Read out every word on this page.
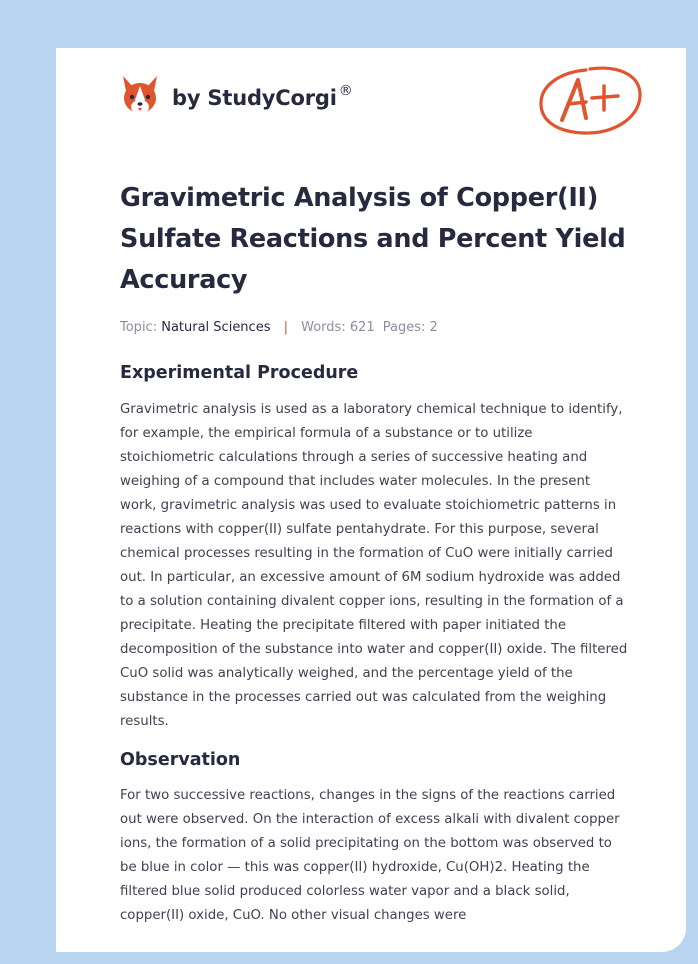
by StudyCorgi ®
Gravimetric Analysis of Copper(II) Sulfate Reactions and Percent Yield Accuracy
Topic: Natural Sciences | Words: 621 Pages: 2
Experimental Procedure

Gravimetric analysis is used as a laboratory chemical technique to identify, for example, the empirical formula of a substance or to utilize stoichiometric calculations through a series of successive heating and weighing of a compound that includes water molecules. In the present work, gravimetric analysis was used to evaluate stoichiometric patterns in reactions with copper(II) sulfate pentahydrate. For this purpose, several chemical processes resulting in the formation of CuO were initially carried out. In particular, an excessive amount of 6M sodium hydroxide was added to a solution containing divalent copper ions, resulting in the formation of a precipitate. Heating the precipitate filtered with paper initiated the decomposition of the substance into water and copper(II) oxide. The filtered CuO solid was analytically weighed, and the percentage yield of the substance in the processes carried out was calculated from the weighing results.

Observation

For two successive reactions, changes in the signs of the reactions carried out were observed. On the interaction of excess alkali with divalent copper ions, the formation of a solid precipitating on the bottom was observed to be blue in color — this was copper(II) hydroxide, Cu(OH)2. Heating the filtered blue solid produced colorless water vapor and a black solid, copper(II) oxide, CuO. No other visual changes were
